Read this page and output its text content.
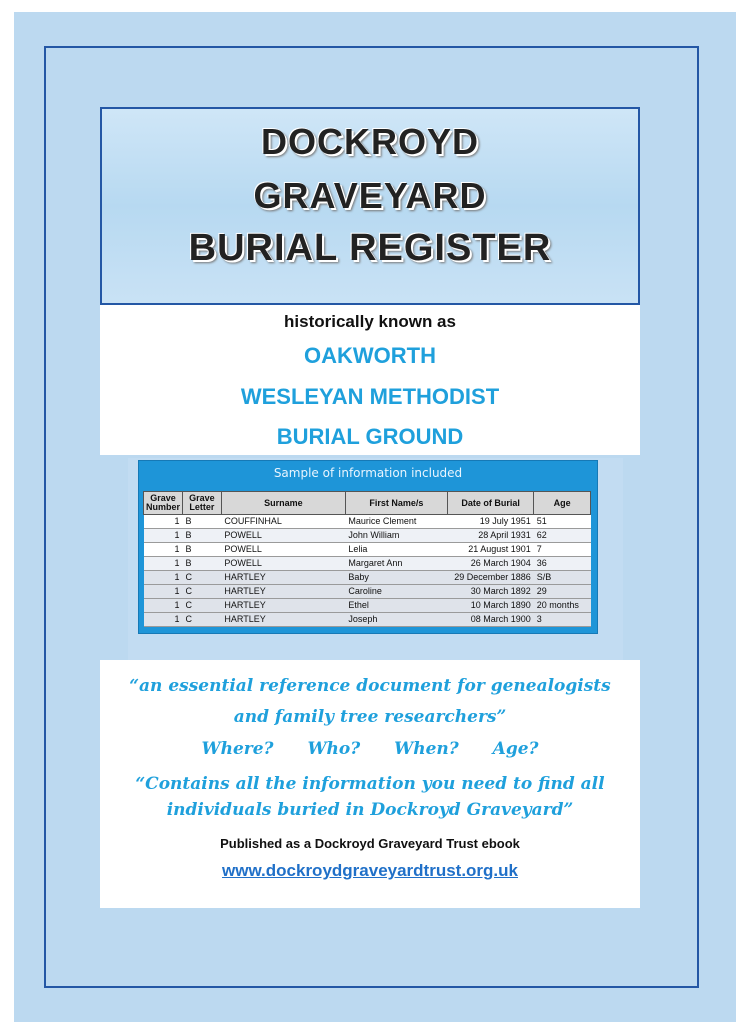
DOCKROYD
GRAVEYARD
BURIAL REGISTER
historically known as
OAKWORTH
WESLEYAN METHODIST
BURIAL GROUND
Sample of information included
Grave Number	Grave Letter	Surname	First Name/s	Date of Burial	Age
1	B	COUFFINHAL	Maurice Clement	19 July 1951	51
1	B	POWELL	John William	28 April 1931	62
1	B	POWELL	Lelia	21 August 1901	7
1	B	POWELL	Margaret Ann	26 March 1904	36
1	C	HARTLEY	Baby	29 December 1886	S/B
1	C	HARTLEY	Caroline	30 March 1892	29
1	C	HARTLEY	Ethel	10 March 1890	20 months
1	C	HARTLEY	Joseph	08 March 1900	3
“an essential reference document for genealogists
and family tree researchers”
Where? Who? When? Age?
“Contains all the information you need to find all
individuals buried in Dockroyd Graveyard”
Published as a Dockroyd Graveyard Trust ebook
www.dockroydgraveyardtrust.org.uk
